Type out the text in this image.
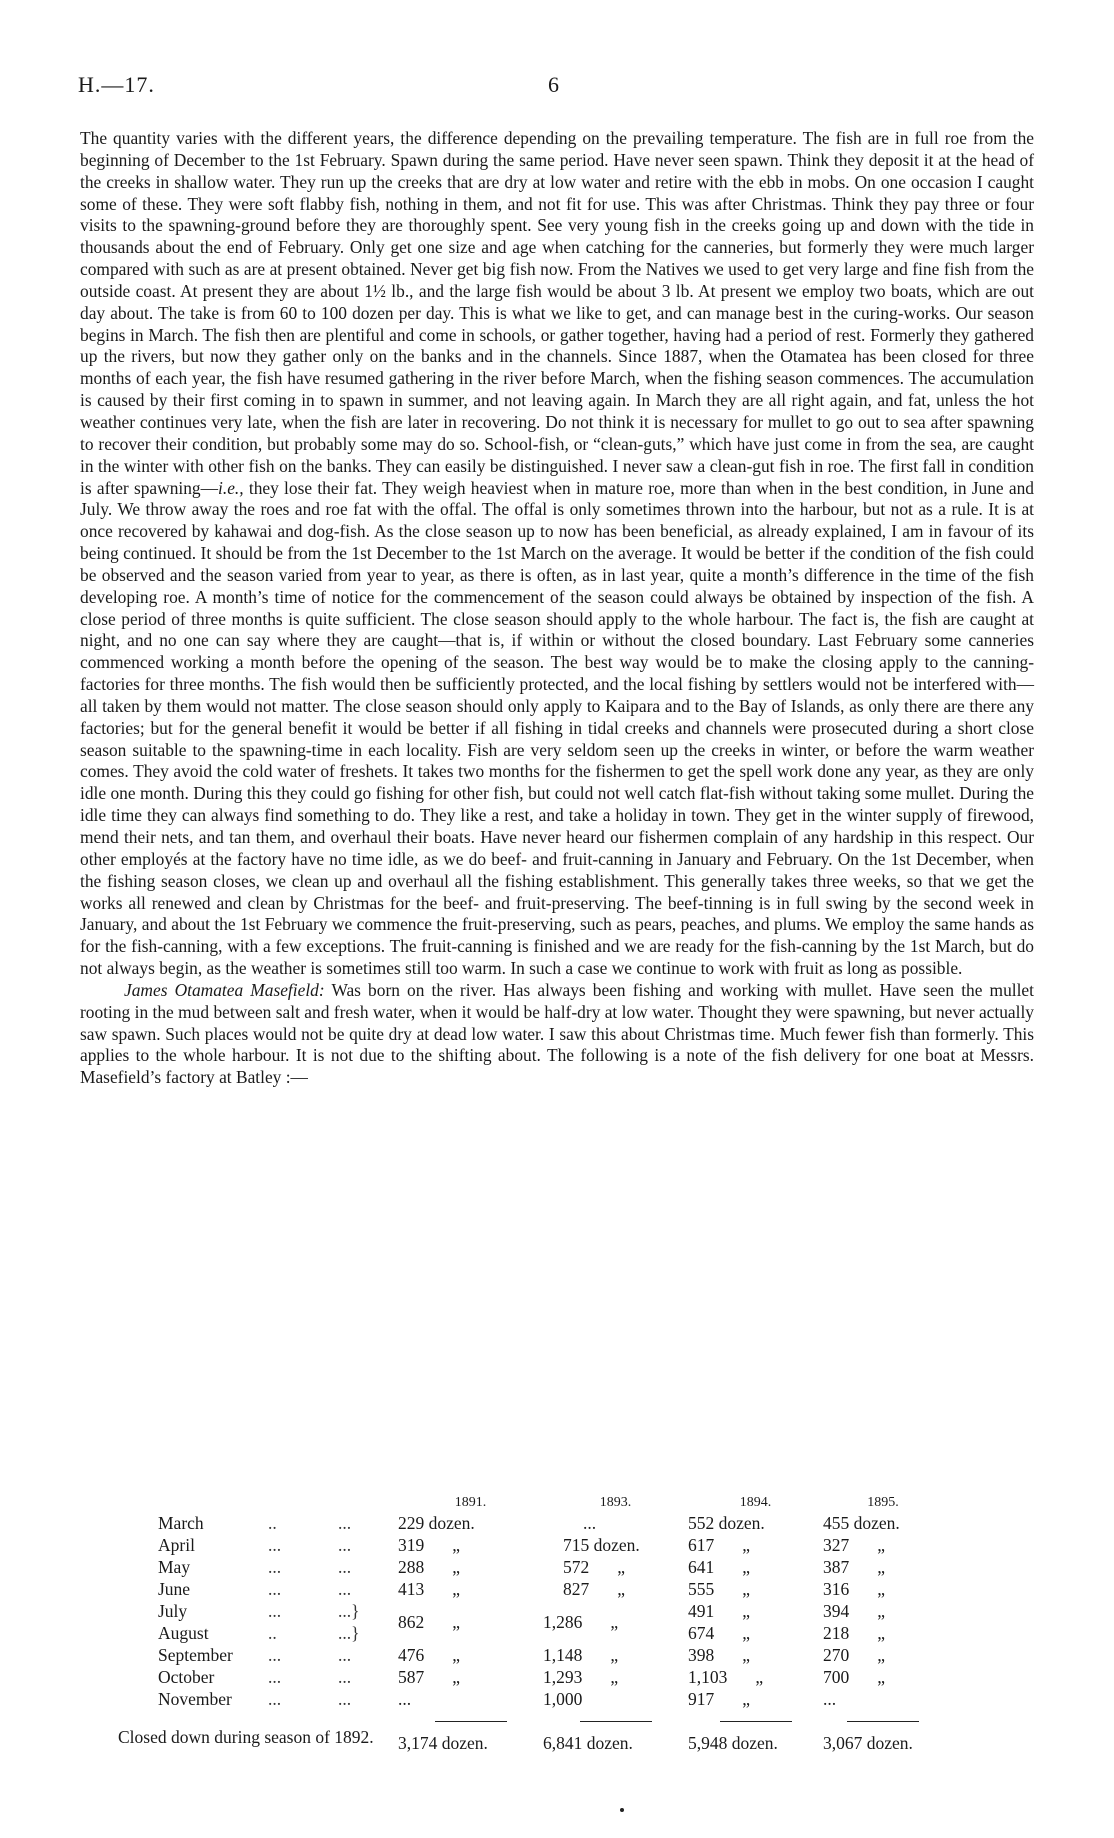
H.—17.	6

The quantity varies with the different years, the difference depending on the prevailing temperature. The fish are in full roe from the beginning of December to the 1st February. Spawn during the same period. Have never seen spawn. Think they deposit it at the head of the creeks in shallow water. They run up the creeks that are dry at low water and retire with the ebb in mobs. On one occasion I caught some of these. They were soft flabby fish, nothing in them, and not fit for use. This was after Christmas. Think they pay three or four visits to the spawning-ground before they are thoroughly spent. See very young fish in the creeks going up and down with the tide in thousands about the end of February. Only get one size and age when catching for the canneries, but formerly they were much larger compared with such as are at present obtained. Never get big fish now. From the Natives we used to get very large and fine fish from the outside coast. At present they are about 1½ lb., and the large fish would be about 3 lb. At present we employ two boats, which are out day about. The take is from 60 to 100 dozen per day. This is what we like to get, and can manage best in the curing-works. Our season begins in March. The fish then are plentiful and come in schools, or gather together, having had a period of rest. Formerly they gathered up the rivers, but now they gather only on the banks and in the channels. Since 1887, when the Otamatea has been closed for three months of each year, the fish have resumed gathering in the river before March, when the fishing season commences. The accumulation is caused by their first coming in to spawn in summer, and not leaving again. In March they are all right again, and fat, unless the hot weather continues very late, when the fish are later in recovering. Do not think it is necessary for mullet to go out to sea after spawning to recover their condition, but probably some may do so. School-fish, or “clean-guts,” which have just come in from the sea, are caught in the winter with other fish on the banks. They can easily be distinguished. I never saw a clean-gut fish in roe. The first fall in condition is after spawning—i.e., they lose their fat. They weigh heaviest when in mature roe, more than when in the best condition, in June and July. We throw away the roes and roe fat with the offal. The offal is only sometimes thrown into the harbour, but not as a rule. It is at once recovered by kahawai and dog-fish. As the close season up to now has been beneficial, as already explained, I am in favour of its being continued. It should be from the 1st December to the 1st March on the average. It would be better if the condition of the fish could be observed and the season varied from year to year, as there is often, as in last year, quite a month’s difference in the time of the fish developing roe. A month’s time of notice for the commencement of the season could always be obtained by inspection of the fish. A close period of three months is quite sufficient. The close season should apply to the whole harbour. The fact is, the fish are caught at night, and no one can say where they are caught—that is, if within or without the closed boundary. Last February some canneries commenced working a month before the opening of the season. The best way would be to make the closing apply to the canning-factories for three months. The fish would then be sufficiently protected, and the local fishing by settlers would not be interfered with—all taken by them would not matter. The close season should only apply to Kaipara and to the Bay of Islands, as only there are there any factories; but for the general benefit it would be better if all fishing in tidal creeks and channels were prosecuted during a short close season suitable to the spawning-time in each locality. Fish are very seldom seen up the creeks in winter, or before the warm weather comes. They avoid the cold water of freshets. It takes two months for the fishermen to get the spell work done any year, as they are only idle one month. During this they could go fishing for other fish, but could not well catch flat-fish without taking some mullet. During the idle time they can always find something to do. They like a rest, and take a holiday in town. They get in the winter supply of firewood, mend their nets, and tan them, and overhaul their boats. Have never heard our fishermen complain of any hardship in this respect. Our other employés at the factory have no time idle, as we do beef- and fruit-canning in January and February. On the 1st December, when the fishing season closes, we clean up and overhaul all the fishing establishment. This generally takes three weeks, so that we get the works all renewed and clean by Christmas for the beef- and fruit-preserving. The beef-tinning is in full swing by the second week in January, and about the 1st February we commence the fruit-preserving, such as pears, peaches, and plums. We employ the same hands as for the fish-canning, with a few exceptions. The fruit-canning is finished and we are ready for the fish-canning by the 1st March, but do not always begin, as the weather is sometimes still too warm. In such a case we continue to work with fruit as long as possible.

James Otamatea Masefield: Was born on the river. Has always been fishing and working with mullet. Have seen the mullet rooting in the mud between salt and fresh water, when it would be half-dry at low water. Thought they were spawning, but never actually saw spawn. Such places would not be quite dry at dead low water. I saw this about Christmas time. Much fewer fish than formerly. This applies to the whole harbour. It is not due to the shifting about. The following is a note of the fish delivery for one boat at Messrs. Masefield’s factory at Batley :—

			1891.	1893.	1894.	1895.
March	..	...	229 dozen.	...	552 dozen.	455 dozen.
April	...	...	319 „	715 dozen.	617 „	327 „
May	...	...	288 „	572 „	641 „	387 „
June	...	...	413 „	827 „	555 „	316 „
July	...	...}	862 „	1,286 „	491 „	394 „
August	..	...}			674 „	218 „
September	...	...	476 „	1,148 „	398 „	270 „
October	...	...	587 „	1,293 „	1,103 „	700 „
November	...	...	...	1,000	917 „	...

			3,174 dozen.	6,841 dozen.	5,948 dozen.	3,067 dozen.
Closed down during season of 1892.
